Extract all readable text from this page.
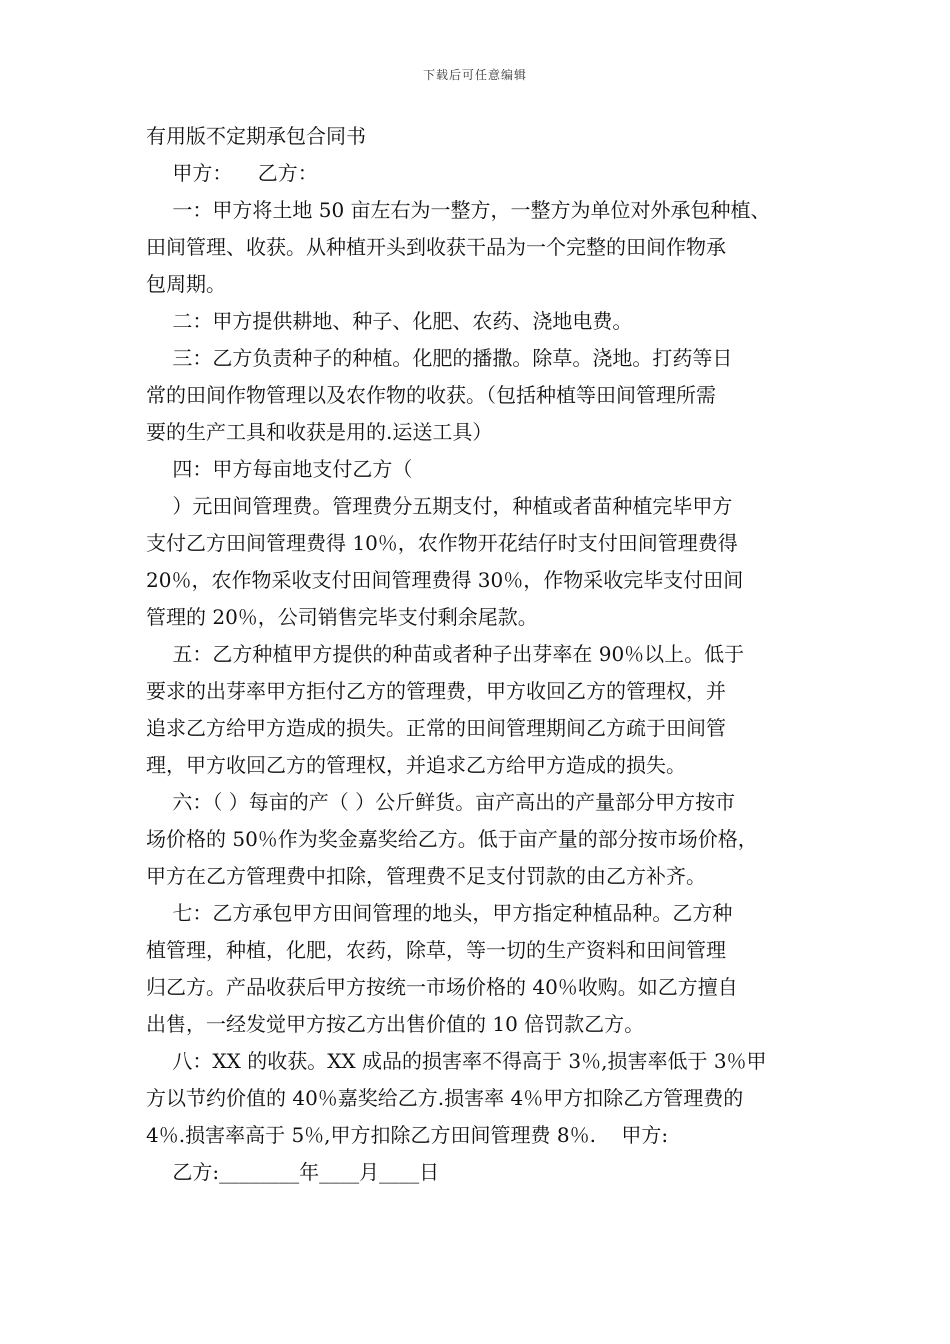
下载后可任意编辑

有用版不定期承包合同书

甲方：    乙方：

一：甲方将土地 50 亩左右为一整方，一整方为单位对外承包种植、

田间管理、收获。从种植开头到收获干品为一个完整的田间作物承

包周期。

二：甲方提供耕地、种子、化肥、农药、浇地电费。

三：乙方负责种子的种植。化肥的播撒。除草。浇地。打药等日

常的田间作物管理以及农作物的收获。（包括种植等田间管理所需

要的生产工具和收获是用的.运送工具）

四：甲方每亩地支付乙方（

）元田间管理费。管理费分五期支付，种植或者苗种植完毕甲方

支付乙方田间管理费得 10％，农作物开花结仔时支付田间管理费得

20％，农作物采收支付田间管理费得 30％，作物采收完毕支付田间

管理的 20％，公司销售完毕支付剩余尾款。

五：乙方种植甲方提供的种苗或者种子出芽率在 90％以上。低于

要求的出芽率甲方拒付乙方的管理费，甲方收回乙方的管理权，并

追求乙方给甲方造成的损失。正常的田间管理期间乙方疏于田间管

理，甲方收回乙方的管理权，并追求乙方给甲方造成的损失。

六：（ ）每亩的产（ ）公斤鲜货。亩产高出的产量部分甲方按市

场价格的 50％作为奖金嘉奖给乙方。低于亩产量的部分按市场价格，

甲方在乙方管理费中扣除，管理费不足支付罚款的由乙方补齐。

七：乙方承包甲方田间管理的地头，甲方指定种植品种。乙方种

植管理，种植，化肥，农药，除草，等一切的生产资料和田间管理

归乙方。产品收获后甲方按统一市场价格的 40％收购。如乙方擅自

出售，一经发觉甲方按乙方出售价值的 10 倍罚款乙方。

八：XX 的收获。XX 成品的损害率不得高于 3％,损害率低于 3％甲

方以节约价值的 40％嘉奖给乙方.损害率 4％甲方扣除乙方管理费的

4％.损害率高于 5％,甲方扣除乙方田间管理费 8％.    甲方:

乙方:________年____月____日
